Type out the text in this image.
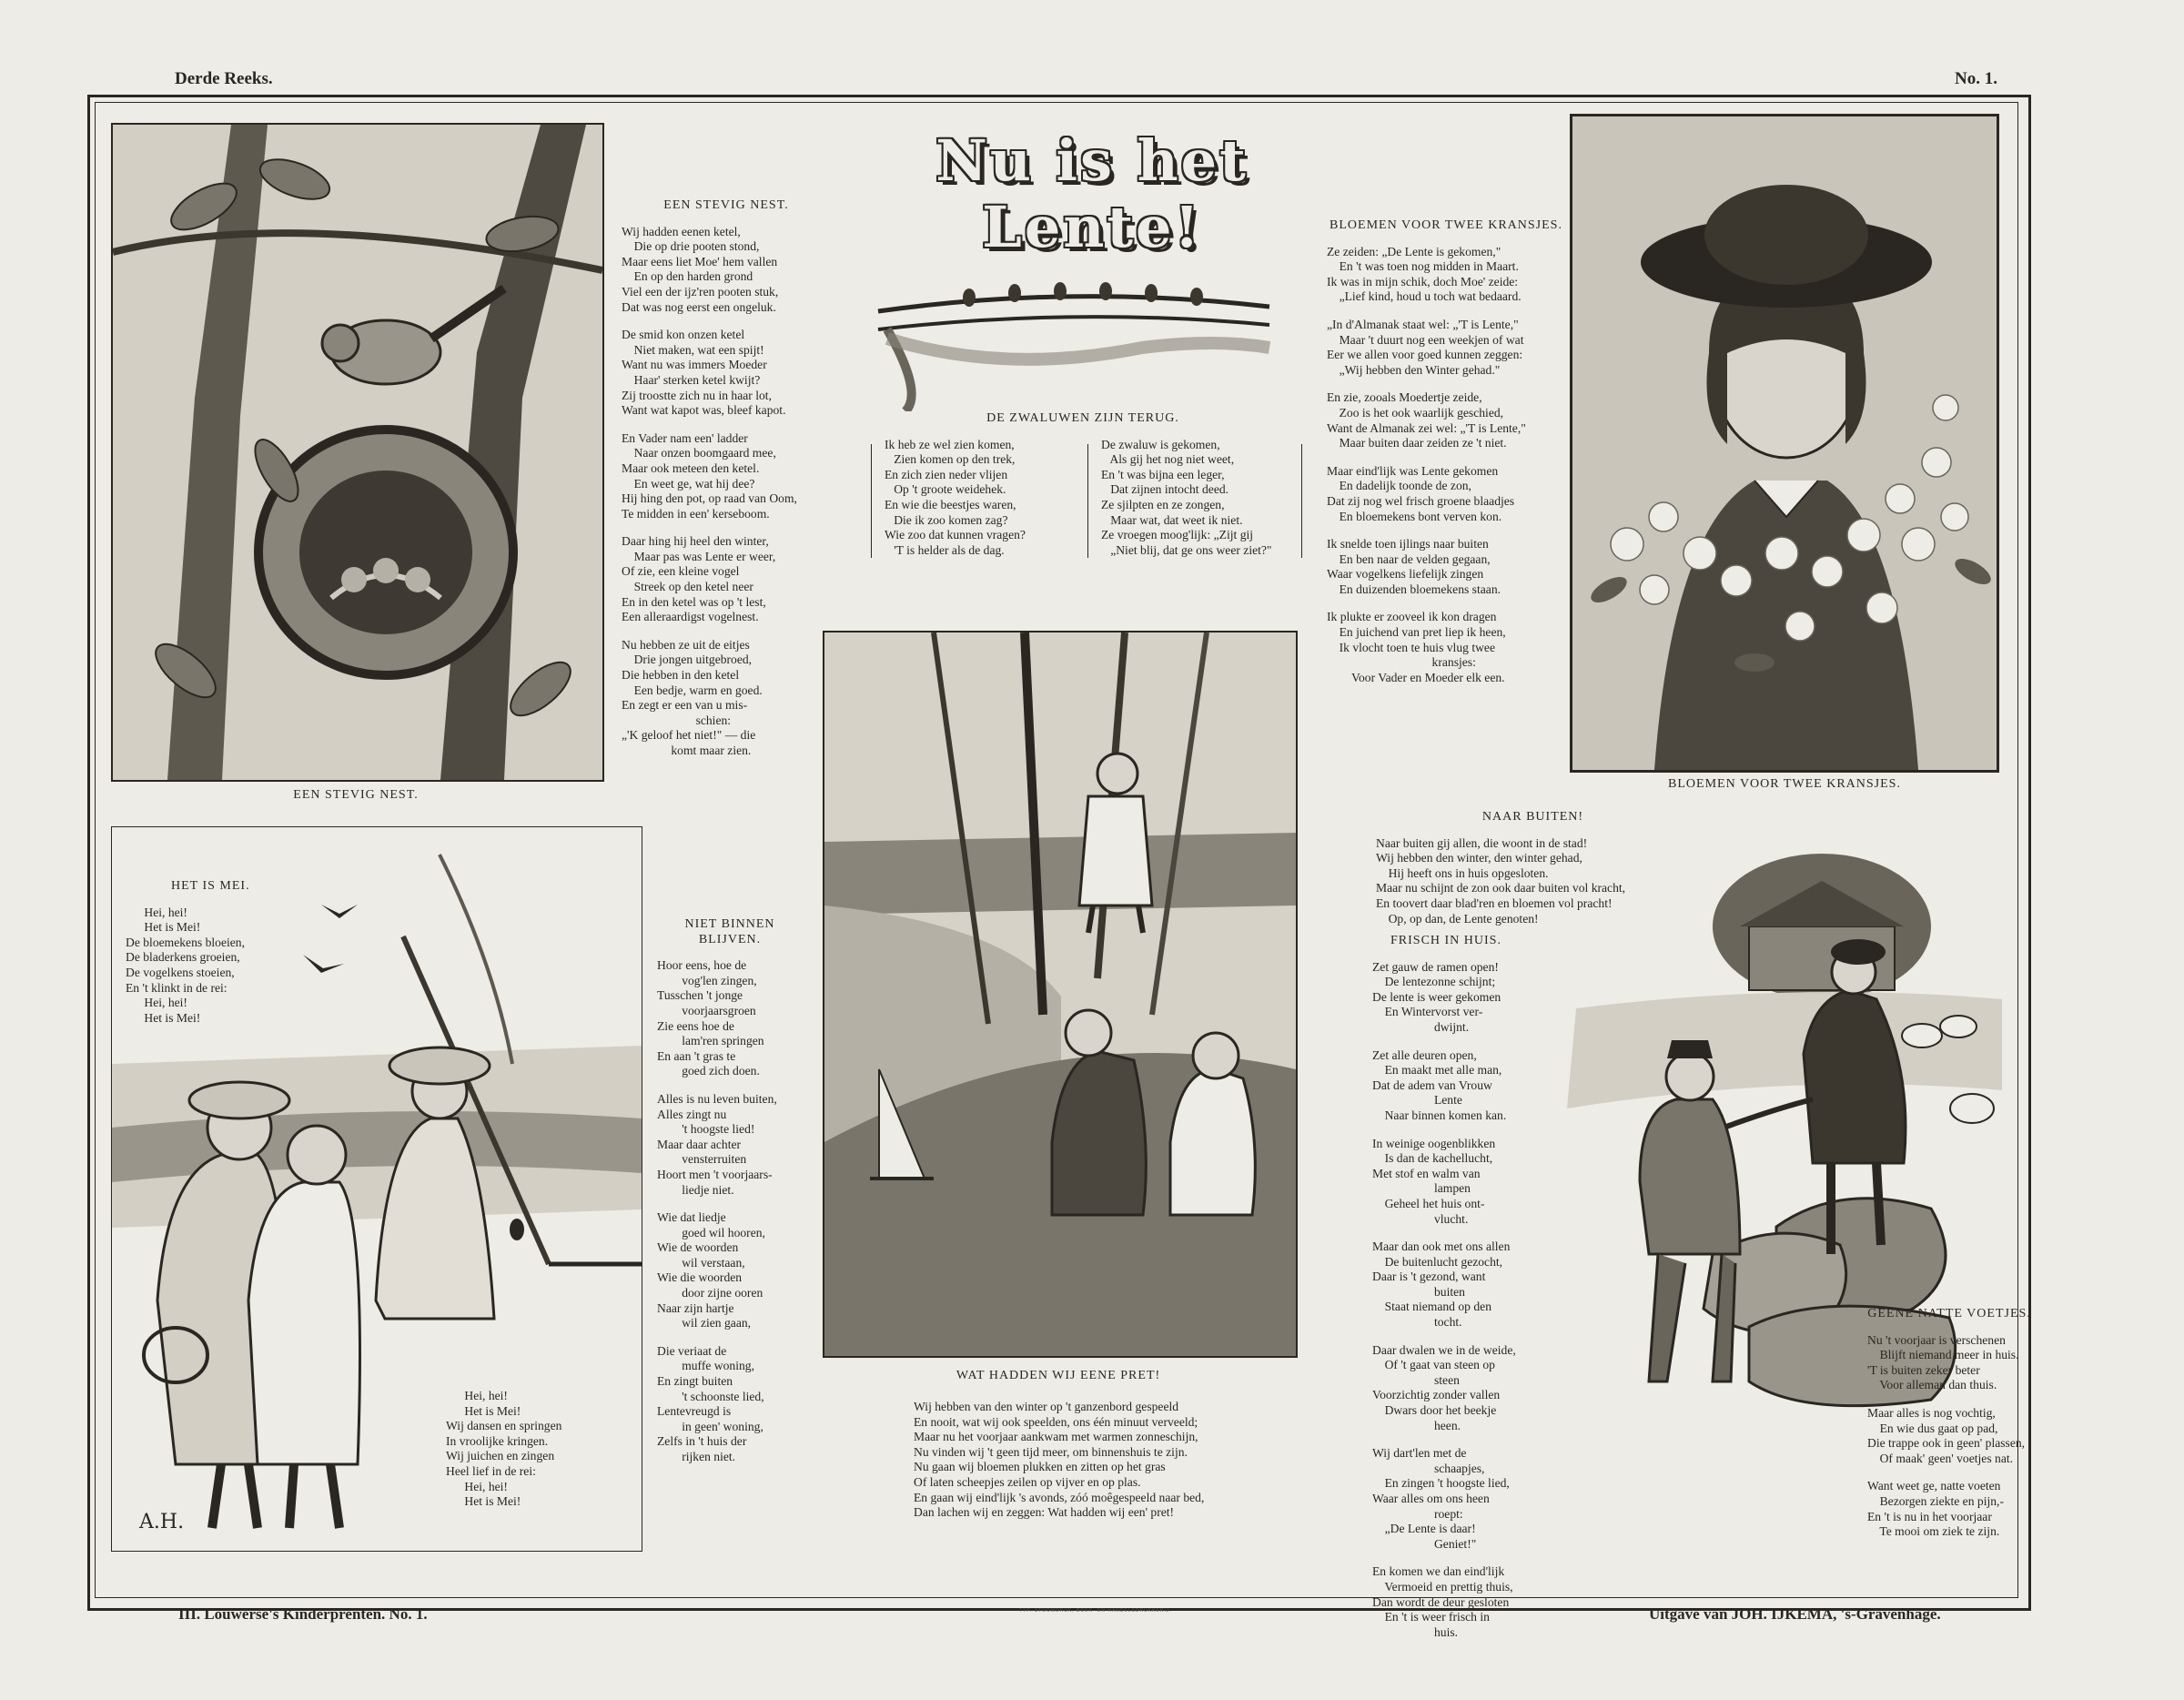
Derde Reeks.	No. 1.
Nu is het Lente!
EEN STEVIG NEST.
EEN STEVIG NEST.
Wij hadden eenen ketel,
Die op drie pooten stond,
Maar eens liet Moe' hem vallen
En op den harden grond
Viel een der ijz'ren pooten stuk,
Dat was nog eerst een ongeluk.
De smid kon onzen ketel
Niet maken, wat een spijt!
Want nu was immers Moeder
Haar' sterken ketel kwijt?
Zij troostte zich nu in haar lot,
Want wat kapot was, bleef kapot.
En Vader nam een' ladder
Naar onzen boomgaard mee,
Maar ook meteen den ketel.
En weet ge, wat hij dee?
Hij hing den pot, op raad van Oom,
Te midden in een' kerseboom.
Daar hing hij heel den winter,
Maar pas was Lente er weer,
Of zie, een kleine vogel
Streek op den ketel neer
En in den ketel was op 't lest,
Een alleraardigst vogelnest.
Nu hebben ze uit de eitjes
Drie jongen uitgebroed,
Die hebben in den ketel
Een bedje, warm en goed.
En zegt er een van u mis-
schien:
„'K geloof het niet!" — die
komt maar zien.
DE ZWALUWEN ZIJN TERUG.
Ik heb ze wel zien komen,
Zien komen op den trek,
En zich zien neder vlijen
Op 't groote weidehek.
En wie die beestjes waren,
Die ik zoo komen zag?
Wie zoo dat kunnen vragen?
'T is helder als de dag.
De zwaluw is gekomen,
Als gij het nog niet weet,
En 't was bijna een leger,
Dat zijnen intocht deed.
Ze sjilpten en ze zongen,
Maar wat, dat weet ik niet.
Ze vroegen moog'lijk: „Zijt gij
„Niet blij, dat ge ons weer ziet?"
BLOEMEN VOOR TWEE KRANSJES.
Ze zeiden: „De Lente is gekomen,"
En 't was toen nog midden in Maart.
Ik was in mijn schik, doch Moe' zeide:
„Lief kind, houd u toch wat bedaard.
„In d'Almanak staat wel: „'T is Lente,"
Maar 't duurt nog een weekjen of wat
Eer we allen voor goed kunnen zeggen:
„Wij hebben den Winter gehad."
En zie, zooals Moedertje zeide,
Zoo is het ook waarlijk geschied,
Want de Almanak zei wel: „'T is Lente,"
Maar buiten daar zeiden ze 't niet.
Maar eind'lijk was Lente gekomen
En dadelijk toonde de zon,
Dat zij nog wel frisch groene blaadjes
En bloemekens bont verven kon.
Ik snelde toen ijlings naar buiten
En ben naar de velden gegaan,
Waar vogelkens liefelijk zingen
En duizenden bloemekens staan.
Ik plukte er zooveel ik kon dragen
En juichend van pret liep ik heen,
Ik vlocht toen te huis vlug twee
kransjes:
Voor Vader en Moeder elk een.
BLOEMEN VOOR TWEE KRANSJES.
A.H.
HET IS MEI.
Hei, hei!
Het is Mei!
De bloemekens bloeien,
De bladerkens groeien,
De vogelkens stoeien,
En 't klinkt in de rei:
Hei, hei!
Het is Mei!
Hei, hei!
Het is Mei!
Wij dansen en springen
In vroolijke kringen.
Wij juichen en zingen
Heel lief in de rei:
Hei, hei!
Het is Mei!
NIET BINNEN BLIJVEN.
Hoor eens, hoe de
vog'len zingen,
Tusschen 't jonge
voorjaarsgroen
Zie eens hoe de
lam'ren springen
En aan 't gras te
goed zich doen.
Alles is nu leven buiten,
Alles zingt nu
't hoogste lied!
Maar daar achter
vensterruiten
Hoort men 't voorjaars-
liedje niet.
Wie dat liedje
goed wil hooren,
Wie de woorden
wil verstaan,
Wie die woorden
door zijne ooren
Naar zijn hartje
wil zien gaan,
Die veriaat de
muffe woning,
En zingt buiten
't schoonste lied,
Lentevreugd is
in geen' woning,
Zelfs in 't huis der
rijken niet.
WAT HADDEN WIJ EENE PRET!
Wij hebben van den winter op 't ganzenbord gespeeld
En nooit, wat wij ook speelden, ons één minuut verveeld;
Maar nu het voorjaar aankwam met warmen zonneschijn,
Nu vinden wij 't geen tijd meer, om binnenshuis te zijn.
Nu gaan wij bloemen plukken en zitten op het gras
Of laten scheepjes zeilen op vijver en op plas.
En gaan wij eind'lijk 's avonds, zóó moêgespeeld naar bed,
Dan lachen wij en zeggen: Wat hadden wij een' pret!
NAAR BUITEN!
Naar buiten gij allen, die woont in de stad!
Wij hebben den winter, den winter gehad,
Hij heeft ons in huis opgesloten.
Maar nu schijnt de zon ook daar buiten vol kracht,
En toovert daar blad'ren en bloemen vol pracht!
Op, op dan, de Lente genoten!
FRISCH IN HUIS.
Zet gauw de ramen open!
De lentezonne schijnt;
De lente is weer gekomen
En Wintervorst ver-
dwijnt.
Zet alle deuren open,
En maakt met alle man,
Dat de adem van Vrouw
Lente
Naar binnen komen kan.
In weinige oogenblikken
Is dan de kachellucht,
Met stof en walm van
lampen
Geheel het huis ont-
vlucht.
Maar dan ook met ons allen
De buitenlucht gezocht,
Daar is 't gezond, want
buiten
Staat niemand op den
tocht.
Daar dwalen we in de weide,
Of 't gaat van steen op
steen
Voorzichtig zonder vallen
Dwars door het beekje
heen.
Wij dart'len met de
schaapjes,
En zingen 't hoogste lied,
Waar alles om ons heen
roept:
„De Lente is daar!
Geniet!"
En komen we dan eind'lijk
Vermoeid en prettig thuis,
Dan wordt de deur gesloten
En 't is weer frisch in
huis.
GEENE NATTE VOETJES.
Nu 't voorjaar is verschenen
Blijft niemand meer in huis.
'T is buiten zeker beter
Voor alleman dan thuis.
Maar alles is nog vochtig,
En wie dus gaat op pad,
Die trappe ook in geen' plassen,
Of maak' geen' voetjes nat.
Want weet ge, natte voeten
Bezorgen ziekte en pijn,-
En 't is nu in het voorjaar
Te mooi om ziek te zijn.
III. Louwerse's Kinderprenten. No. 1.	TYP. STOOMDRUK, BOEK- EN HANDELSDRUKKERIJ.	Uitgave van JOH. IJKEMA, 's-Gravenhage.
